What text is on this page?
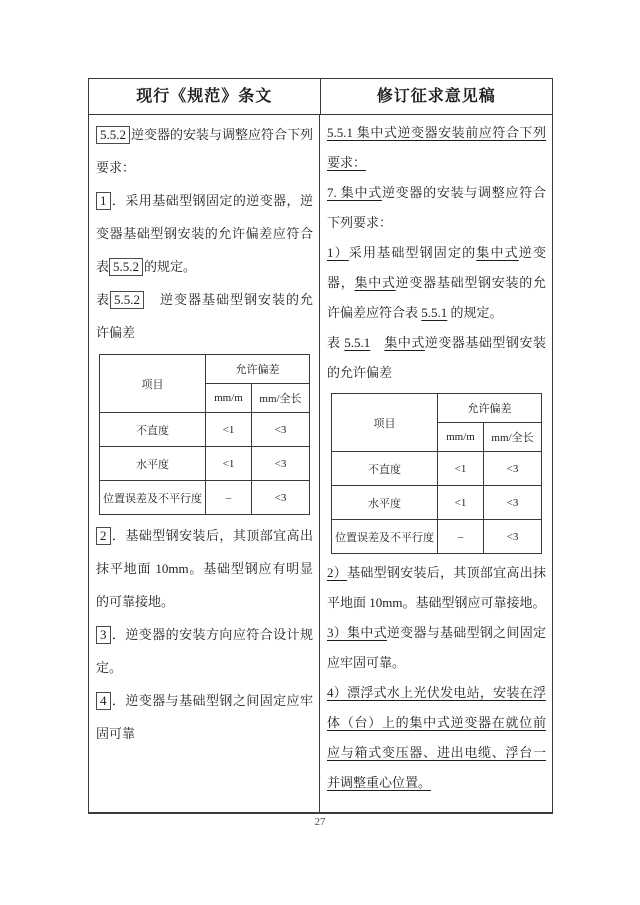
现行《规范》条文	修订征求意见稿

5.5.2 逆变器的安装与调整应符合下列要求：

1 ．采用基础型钢固定的逆变器，逆变器基础型钢安装的允许偏差应符合表 5.5.2 的规定。

表 5.5.2　逆变器基础型钢安装的允许偏差

项目	允许偏差	
	mm/m	mm/全长
不直度	<1	<3
水平度	<1	<3
位置误差及不平行度	–	<3

2 ．基础型钢安装后，其顶部宜高出抹平地面 10mm。基础型钢应有明显的可靠接地。

3 ．逆变器的安装方向应符合设计规定。

4 ．逆变器与基础型钢之间固定应牢固可靠

5.5.1 集中式逆变器安装前应符合下列要求：

7. 集中式逆变器的安装与调整应符合下列要求：

1）采用基础型钢固定的集中式逆变器，集中式逆变器基础型钢安装的允许偏差应符合表 5.5.1 的规定。

表 5.5.1　 集中式逆变器基础型钢安装的允许偏差

项目	允许偏差	
	mm/m	mm/全长
不直度	<1	<3
水平度	<1	<3
位置误差及不平行度	–	<3

2）基础型钢安装后，其顶部宜高出抹平地面 10mm。基础型钢应可靠接地。

3）集中式逆变器与基础型钢之间固定应牢固可靠。

4）漂浮式水上光伏发电站，安装在浮体（台）上的集中式逆变器在就位前应与箱式变压器、进出电缆、浮台一并调整重心位置。

27
